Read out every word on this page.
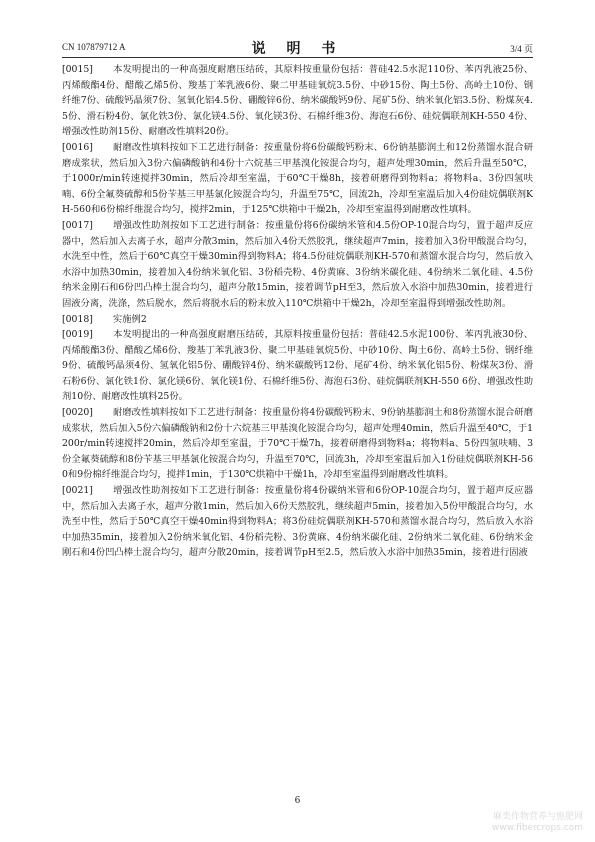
CN 107879712 A	说 明 书	3/4 页

[0015] 本发明提出的一种高强度耐磨压结砖，其原料按重量份包括：普硅42.5水泥110份、苯丙乳液25份、丙烯酸酯4份、醋酸乙烯5份、羧基丁苯乳液6份、聚二甲基硅氧烷3.5份、中砂15份、陶土5份、高岭土10份、钢纤维7份、硫酸钙晶须7份、氢氧化铝4.5份、硼酸锌6份、纳米碳酸钙9份、尾矿5份、纳米氧化铝3.5份、粉煤灰4.5份、滑石粉4份、氯化铁3份、氯化镁4.5份、氧化镁3份、石棉纤维3份、海泡石6份、硅烷偶联剂KH-550 4份、增强改性助剂15份、耐磨改性填料20份。

[0016] 耐磨改性填料按如下工艺进行制备：按重量份将6份碳酸钙粉末、6份钠基膨润土和12份蒸馏水混合研磨成浆状，然后加入3份六偏磷酸钠和4份十六烷基三甲基溴化铵混合均匀，超声处理30min，然后升温至50℃，于1000r/min转速搅拌30min，然后冷却至室温，于60℃干燥8h，接着研磨得到物料a；将物料a、3份四氢呋喃、6份全氟葵硫醇和5份苄基三甲基氯化铵混合均匀，升温至75℃，回流2h，冷却至室温后加入4份硅烷偶联剂KH-560和6份棉纤维混合均匀，搅拌2min，于125℃烘箱中干燥2h，冷却至室温得到耐磨改性填料。

[0017] 增强改性助剂按如下工艺进行制备：按重量份将6份碳纳米管和4.5份OP-10混合均匀，置于超声反应器中，然后加入去离子水，超声分散3min，然后加入4份天然胶乳，继续超声7min，接着加入3份甲酸混合均匀，水洗至中性，然后于60℃真空干燥30min得到物料A；将4.5份硅烷偶联剂KH-570和蒸馏水混合均匀，然后放入水浴中加热30min，接着加入4份纳米氧化铝、3份稻壳粉、4份黄麻、3份纳米碳化硅、4份纳米二氧化硅、4.5份纳米金刚石和6份凹凸棒土混合均匀，超声分散15min，接着调节pH至3，然后放入水浴中加热30min，接着进行固液分离，洗涤，然后脱水，然后将脱水后的粉末放入110℃烘箱中干燥2h，冷却至室温得到增强改性助剂。

[0018] 实施例2

[0019] 本发明提出的一种高强度耐磨压结砖，其原料按重量份包括：普硅42.5水泥100份、苯丙乳液30份、丙烯酸酯3份、醋酸乙烯6份、羧基丁苯乳液3份、聚二甲基硅氧烷5份、中砂10份、陶土6份、高岭土5份、钢纤维9份、硫酸钙晶须4份、氢氧化铝5份、硼酸锌4份、纳米碳酸钙12份、尾矿4份、纳米氧化铝5份、粉煤灰3份、滑石粉6份、氯化铁1份、氯化镁6份、氧化镁1份、石棉纤维5份、海泡石3份、硅烷偶联剂KH-550 6份、增强改性助剂10份、耐磨改性填料25份。

[0020] 耐磨改性填料按如下工艺进行制备：按重量份将4份碳酸钙粉末、9份钠基膨润土和8份蒸馏水混合研磨成浆状，然后加入5份六偏磷酸钠和2份十六烷基三甲基溴化铵混合均匀，超声处理40min，然后升温至40℃，于1200r/min转速搅拌20min，然后冷却至室温，于70℃干燥7h，接着研磨得到物料a；将物料a、5份四氢呋喃、3份全氟葵硫醇和8份苄基三甲基氯化铵混合均匀，升温至70℃，回流3h，冷却至室温后加入1份硅烷偶联剂KH-560和9份棉纤维混合均匀，搅拌1min，于130℃烘箱中干燥1h，冷却至室温得到耐磨改性填料。

[0021] 增强改性助剂按如下工艺进行制备：按重量份将4份碳纳米管和6份OP-10混合均匀，置于超声反应器中，然后加入去离子水，超声分散1min，然后加入6份天然胶乳，继续超声5min，接着加入5份甲酸混合均匀，水洗至中性，然后于50℃真空干燥40min得到物料A；将3份硅烷偶联剂KH-570和蒸馏水混合均匀，然后放入水浴中加热35min，接着加入2份纳米氧化铝、4份稻壳粉、3份黄麻、4份纳米碳化硅、2份纳米二氧化硅、6份纳米金刚石和4份凹凸棒土混合均匀，超声分散20min，接着调节pH至2.5，然后放入水浴中加热35min，接着进行固液

6
麻类作物营养与施肥网
www.fibercrops.com
